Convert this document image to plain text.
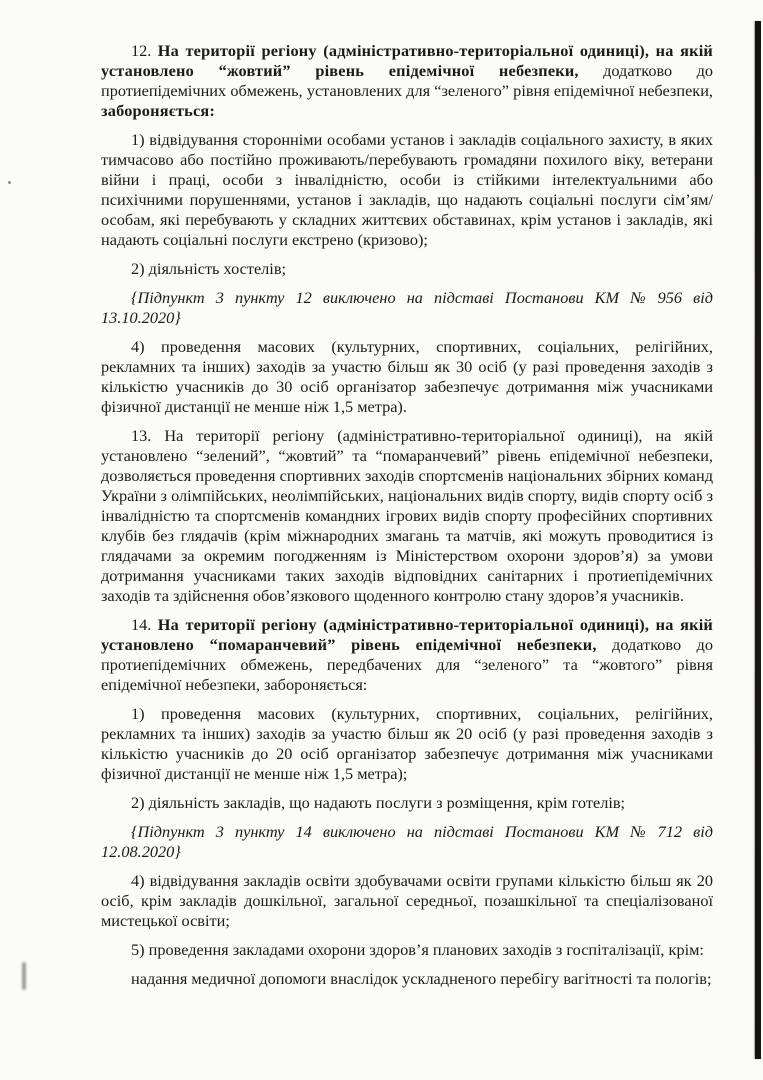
12. На території регіону (адміністративно-територіальної одиниці), на якій установлено “жовтий” рівень епідемічної небезпеки, додатково до протиепідемічних обмежень, установлених для “зеленого” рівня епідемічної небезпеки, забороняється:

1) відвідування сторонніми особами установ і закладів соціального захисту, в яких тимчасово або постійно проживають/перебувають громадяни похилого віку, ветерани війни і праці, особи з інвалідністю, особи із стійкими інтелектуальними або психічними порушеннями, установ і закладів, що надають соціальні послуги сім’ям/особам, які перебувають у складних життєвих обставинах, крім установ і закладів, які надають соціальні послуги екстрено (кризово);

2) діяльність хостелів;

{Підпункт 3 пункту 12 виключено на підставі Постанови КМ № 956 від 13.10.2020}

4) проведення масових (культурних, спортивних, соціальних, релігійних, рекламних та інших) заходів за участю більш як 30 осіб (у разі проведення заходів з кількістю учасників до 30 осіб організатор забезпечує дотримання між учасниками фізичної дистанції не менше ніж 1,5 метра).

13. На території регіону (адміністративно-територіальної одиниці), на якій установлено “зелений”, “жовтий” та “помаранчевий” рівень епідемічної небезпеки, дозволяється проведення спортивних заходів спортсменів національних збірних команд України з олімпійських, неолімпійських, національних видів спорту, видів спорту осіб з інвалідністю та спортсменів командних ігрових видів спорту професійних спортивних клубів без глядачів (крім міжнародних змагань та матчів, які можуть проводитися із глядачами за окремим погодженням із Міністерством охорони здоров’я) за умови дотримання учасниками таких заходів відповідних санітарних і протиепідемічних заходів та здійснення обов’язкового щоденного контролю стану здоров’я учасників.

14. На території регіону (адміністративно-територіальної одиниці), на якій установлено “помаранчевий” рівень епідемічної небезпеки, додатково до протиепідемічних обмежень, передбачених для “зеленого” та “жовтого” рівня епідемічної небезпеки, забороняється:

1) проведення масових (культурних, спортивних, соціальних, релігійних, рекламних та інших) заходів за участю більш як 20 осіб (у разі проведення заходів з кількістю учасників до 20 осіб організатор забезпечує дотримання між учасниками фізичної дистанції не менше ніж 1,5 метра);

2) діяльність закладів, що надають послуги з розміщення, крім готелів;

{Підпункт 3 пункту 14 виключено на підставі Постанови КМ № 712 від 12.08.2020}

4) відвідування закладів освіти здобувачами освіти групами кількістю більш як 20 осіб, крім закладів дошкільної, загальної середньої, позашкільної та спеціалізованої мистецької освіти;

5) проведення закладами охорони здоров’я планових заходів з госпіталізації, крім:

надання медичної допомоги внаслідок ускладненого перебігу вагітності та пологів;
